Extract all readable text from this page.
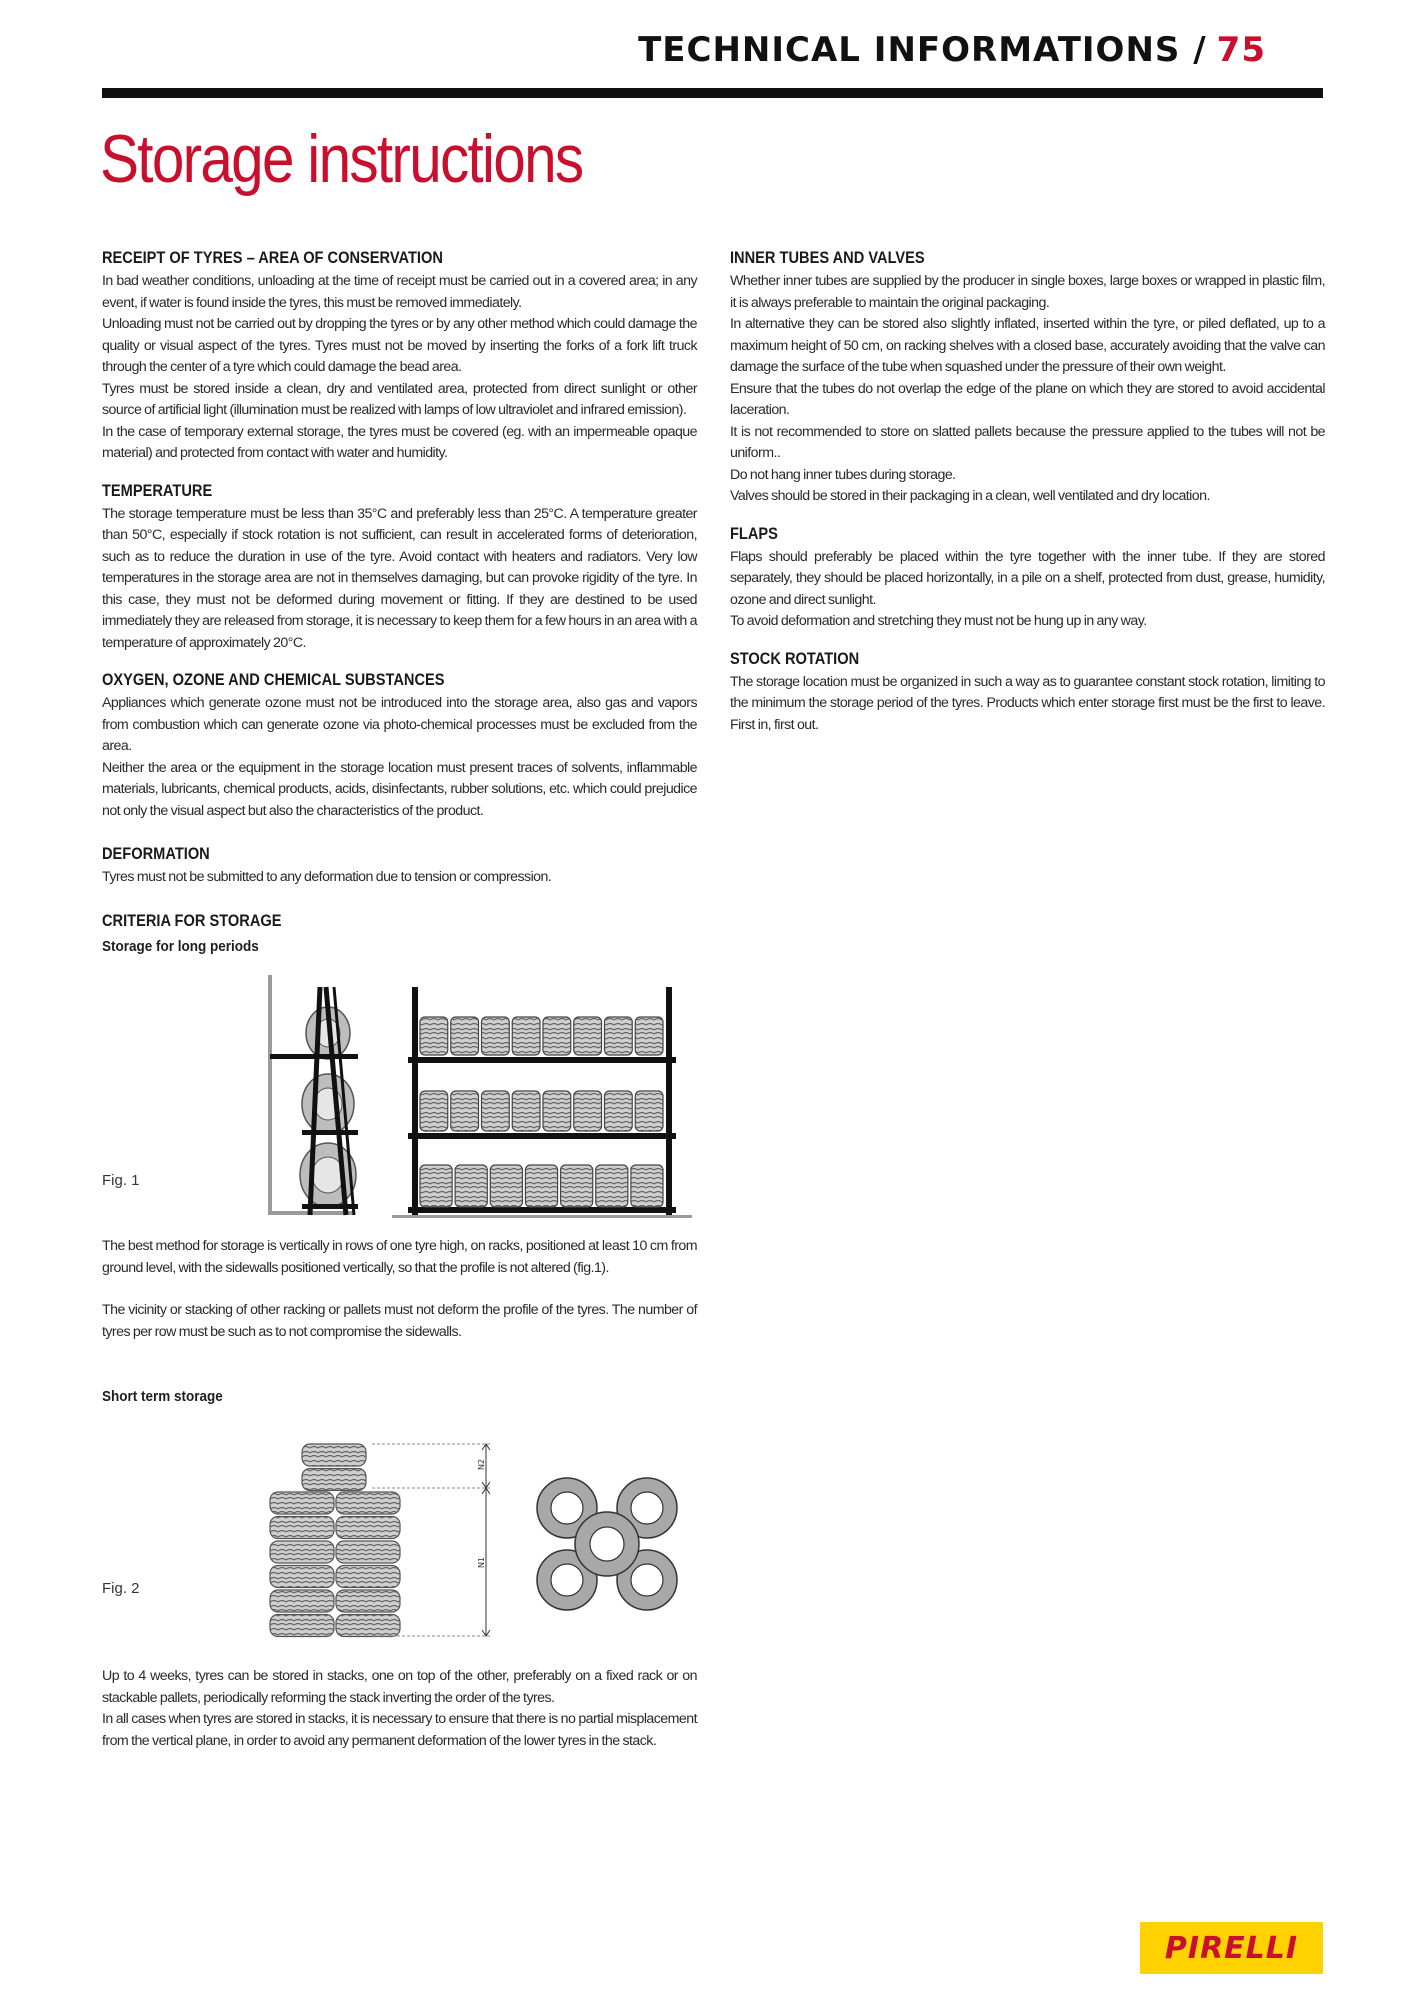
TECHNICAL INFORMATIONS / 75
Storage instructions
RECEIPT OF TYRES – AREA OF CONSERVATION

In bad weather conditions, unloading at the time of receipt must be carried out in a covered area; in any event, if water is found inside the tyres, this must be removed immediately.

Unloading must not be carried out by dropping the tyres or by any other method which could damage the quality or visual aspect of the tyres. Tyres must not be moved by inserting the forks of a fork lift truck through the center of a tyre which could damage the bead area.

Tyres must be stored inside a clean, dry and ventilated area, protected from direct sunlight or other source of artificial light (illumination must be realized with lamps of low ultraviolet and infrared emission).

In the case of temporary external storage, the tyres must be covered (eg. with an impermeable opaque material) and protected from contact with water and humidity.

TEMPERATURE

The storage temperature must be less than 35°C and preferably less than 25°C. A temperature greater than 50°C, especially if stock rotation is not sufficient, can result in accelerated forms of deterioration, such as to reduce the duration in use of the tyre. Avoid contact with heaters and radiators. Very low temperatures in the storage area are not in themselves damaging, but can provoke rigidity of the tyre. In this case, they must not be deformed during movement or fitting. If they are destined to be used immediately they are released from storage, it is necessary to keep them for a few hours in an area with a temperature of approximately 20°C.

OXYGEN, OZONE AND CHEMICAL SUBSTANCES

Appliances which generate ozone must not be introduced into the storage area, also gas and vapors from combustion which can generate ozone via photo-chemical processes must be excluded from the area.

Neither the area or the equipment in the storage location must present traces of solvents, inflammable materials, lubricants, chemical products, acids, disinfectants, rubber solutions, etc. which could prejudice not only the visual aspect but also the characteristics of the product.

DEFORMATION

Tyres must not be submitted to any deformation due to tension or compression.

CRITERIA FOR STORAGE
Storage for long periods
Fig. 1

The best method for storage is vertically in rows of one tyre high, on racks, positioned at least 10 cm from ground level, with the sidewalls positioned vertically, so that the profile is not altered (fig.1).

The vicinity or stacking of other racking or pallets must not deform the profile of the tyres. The number of tyres per row must be such as to not compromise the sidewalls.

Short term storage
N2
N1
Fig. 2

Up to 4 weeks, tyres can be stored in stacks, one on top of the other, preferably on a fixed rack or on stackable pallets, periodically reforming the stack inverting the order of the tyres.

In all cases when tyres are stored in stacks, it is necessary to ensure that there is no partial misplacement from the vertical plane, in order to avoid any permanent deformation of the lower tyres in the stack.

INNER TUBES AND VALVES

Whether inner tubes are supplied by the producer in single boxes, large boxes or wrapped in plastic film, it is always preferable to maintain the original packaging.

In alternative they can be stored also slightly inflated, inserted within the tyre, or piled deflated, up to a maximum height of 50 cm, on racking shelves with a closed base, accurately avoiding that the valve can damage the surface of the tube when squashed under the pressure of their own weight.

Ensure that the tubes do not overlap the edge of the plane on which they are stored to avoid accidental laceration.

It is not recommended to store on slatted pallets because the pressure applied to the tubes will not be uniform..

Do not hang inner tubes during storage.

Valves should be stored in their packaging in a clean, well ventilated and dry location.

FLAPS

Flaps should preferably be placed within the tyre together with the inner tube. If they are stored separately, they should be placed horizontally, in a pile on a shelf, protected from dust, grease, humidity, ozone and direct sunlight.

To avoid deformation and stretching they must not be hung up in any way.

STOCK ROTATION

The storage location must be organized in such a way as to guarantee constant stock rotation, limiting to the minimum the storage period of the tyres. Products which enter storage first must be the first to leave. First in, first out.

PIRELLI
